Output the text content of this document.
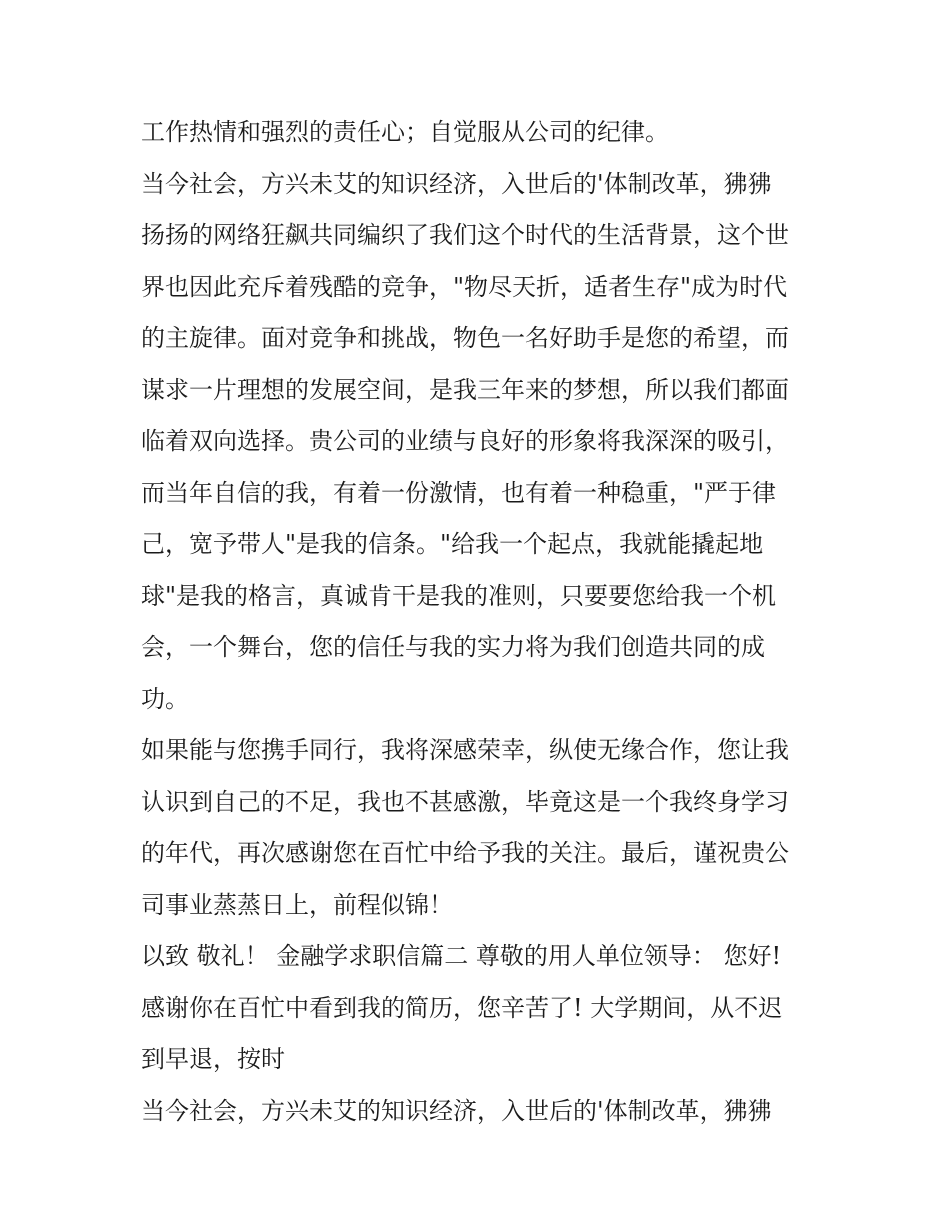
工作热情和强烈的责任心；自觉服从公司的纪律。
当今社会，方兴未艾的知识经济，入世后的'体制改革，狒狒
扬扬的网络狂飙共同编织了我们这个时代的生活背景，这个世
界也因此充斥着残酷的竞争，"物尽天折，适者生存"成为时代
的主旋律。面对竞争和挑战，物色一名好助手是您的希望，而
谋求一片理想的发展空间，是我三年来的梦想，所以我们都面
临着双向选择。贵公司的业绩与良好的形象将我深深的吸引，
而当年自信的我，有着一份激情，也有着一种稳重，"严于律
己，宽予带人"是我的信条。"给我一个起点，我就能撬起地
球"是我的格言，真诚肯干是我的准则，只要要您给我一个机
会，一个舞台，您的信任与我的实力将为我们创造共同的成
功。
如果能与您携手同行，我将深感荣幸，纵使无缘合作，您让我
认识到自己的不足，我也不甚感激，毕竟这是一个我终身学习
的年代，再次感谢您在百忙中给予我的关注。最后，谨祝贵公
司事业蒸蒸日上，前程似锦！
以致 敬礼！ 金融学求职信篇二 尊敬的用人单位领导： 您好!
感谢你在百忙中看到我的简历，您辛苦了! 大学期间，从不迟
到早退，按时
当今社会，方兴未艾的知识经济，入世后的'体制改革，狒狒
